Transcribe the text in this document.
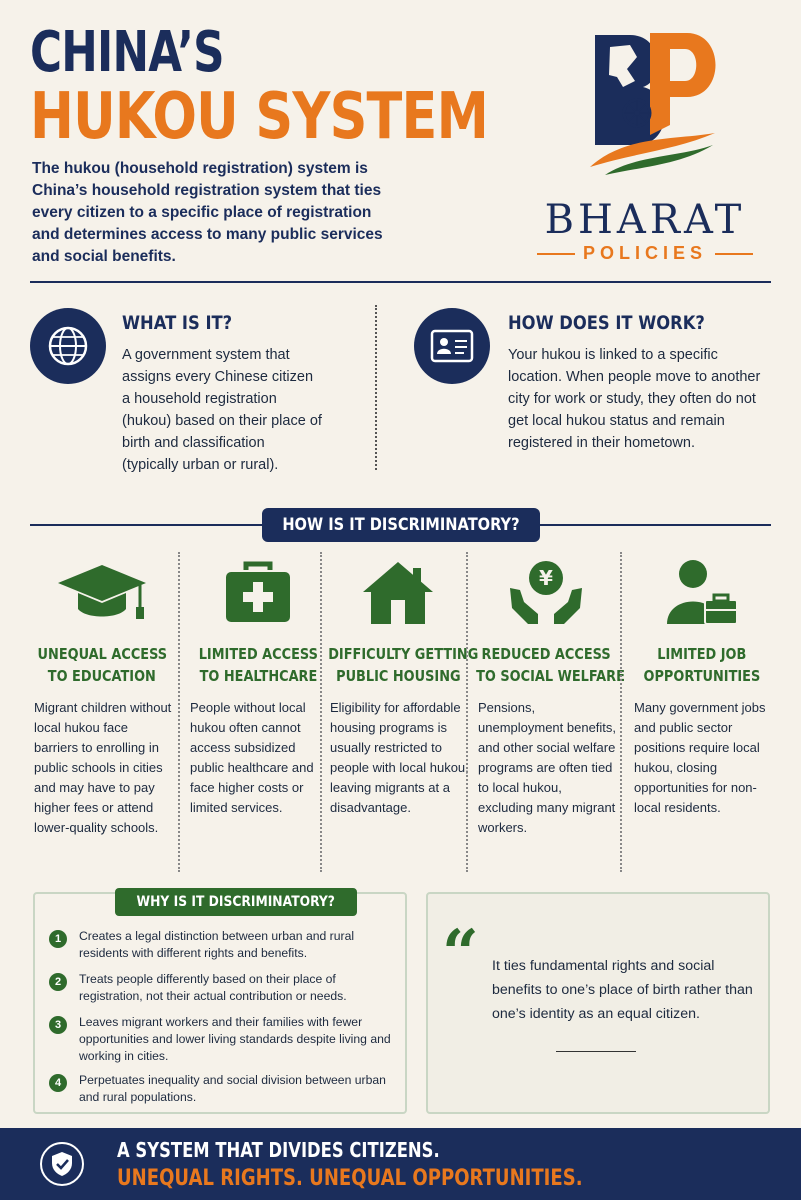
CHINA’S
HUKOU SYSTEM
The hukou (household registration) system is China’s household registration system that ties every citizen to a specific place of registration and determines access to many public services and social benefits.
BHARAT
POLICIES
WHAT IS IT?
A government system that assigns every Chinese citizen a household registration (hukou) based on their place of birth and classification (typically urban or rural).
HOW DOES IT WORK?
Your hukou is linked to a specific location. When people move to another city for work or study, they often do not get local hukou status and remain registered in their hometown.
HOW IS IT DISCRIMINATORY?
UNEQUAL ACCESS
TO EDUCATION
Migrant children without local hukou face barriers to enrolling in public schools in cities and may have to pay higher fees or attend lower-quality schools.
LIMITED ACCESS
TO HEALTHCARE
People without local hukou often cannot access subsidized public healthcare and face higher costs or limited services.
DIFFICULTY GETTING
PUBLIC HOUSING
Eligibility for affordable housing programs is usually restricted to people with local hukou, leaving migrants at a disadvantage.
¥
REDUCED ACCESS
TO SOCIAL WELFARE
Pensions, unemployment benefits, and other social welfare programs are often tied to local hukou, excluding many migrant workers.
LIMITED JOB
OPPORTUNITIES
Many government jobs and public sector positions require local hukou, closing opportunities for non-local residents.
WHY IS IT DISCRIMINATORY?
1	Creates a legal distinction between urban and rural residents with different rights and benefits.
2	Treats people differently based on their place of registration, not their actual contribution or needs.
3	Leaves migrant workers and their families with fewer opportunities and lower living standards despite living and working in cities.
4	Perpetuates inequality and social division between urban and rural populations.
“ It ties fundamental rights and social benefits to one’s place of birth rather than one’s identity as an equal citizen.
A SYSTEM THAT DIVIDES CITIZENS.
UNEQUAL RIGHTS. UNEQUAL OPPORTUNITIES.
